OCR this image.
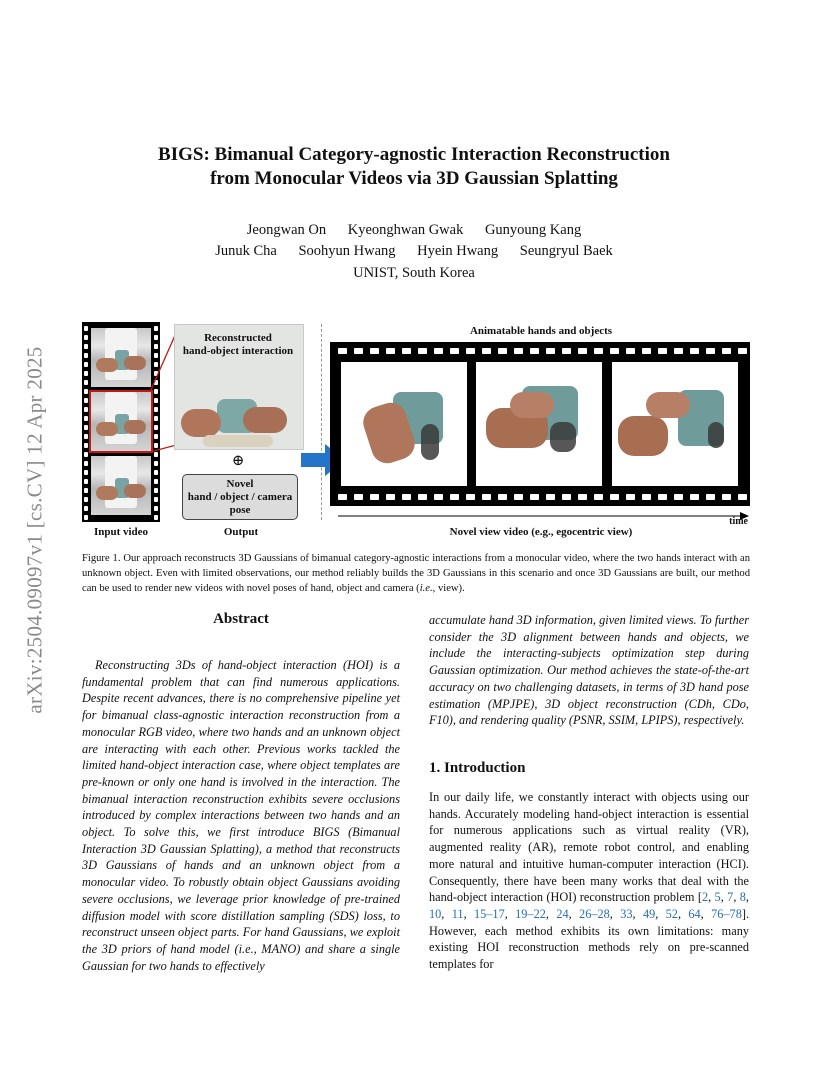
arXiv:2504.09097v1 [cs.CV] 12 Apr 2025
BIGS: Bimanual Category-agnostic Interaction Reconstruction
from Monocular Videos via 3D Gaussian Splatting
Jeongwan On Kyeonghwan Gwak Gunyoung Kang
Junuk Cha Soohyun Hwang Hyein Hwang Seungryul Baek
UNIST, South Korea
Input video
Reconstructed
hand-object interaction
⊕
Novel
hand / object / camera
pose
Output
Animatable hands and objects
time
Novel view video (e.g., egocentric view)
Figure 1. Our approach reconstructs 3D Gaussians of bimanual category-agnostic interactions from a monocular video, where the two hands interact with an unknown object. Even with limited observations, our method reliably builds the 3D Gaussians in this scenario and once 3D Gaussians are built, our method can be used to render new videos with novel poses of hand, object and camera (i.e., view).
Abstract

Reconstructing 3Ds of hand-object interaction (HOI) is a fundamental problem that can find numerous applications. Despite recent advances, there is no comprehensive pipeline yet for bimanual class-agnostic interaction reconstruction from a monocular RGB video, where two hands and an unknown object are interacting with each other. Previous works tackled the limited hand-object interaction case, where object templates are pre-known or only one hand is involved in the interaction. The bimanual interaction reconstruction exhibits severe occlusions introduced by complex interactions between two hands and an object. To solve this, we first introduce BIGS (Bimanual Interaction 3D Gaussian Splatting), a method that reconstructs 3D Gaussians of hands and an unknown object from a monocular video. To robustly obtain object Gaussians avoiding severe occlusions, we leverage prior knowledge of pre-trained diffusion model with score distillation sampling (SDS) loss, to reconstruct unseen object parts. For hand Gaussians, we exploit the 3D priors of hand model (i.e., MANO) and share a single Gaussian for two hands to effectively

accumulate hand 3D information, given limited views. To further consider the 3D alignment between hands and objects, we include the interacting-subjects optimization step during Gaussian optimization. Our method achieves the state-of-the-art accuracy on two challenging datasets, in terms of 3D hand pose estimation (MPJPE), 3D object reconstruction (CDh, CDo, F10), and rendering quality (PSNR, SSIM, LPIPS), respectively.

1. Introduction

In our daily life, we constantly interact with objects using our hands. Accurately modeling hand-object interaction is essential for numerous applications such as virtual reality (VR), augmented reality (AR), remote robot control, and enabling more natural and intuitive human-computer interaction (HCI). Consequently, there have been many works that deal with the hand-object interaction (HOI) reconstruction problem [2, 5, 7, 8, 10, 11, 15–17, 19–22, 24, 26–28, 33, 49, 52, 64, 76–78]. However, each method exhibits its own limitations: many existing HOI reconstruction methods rely on pre-scanned templates for
